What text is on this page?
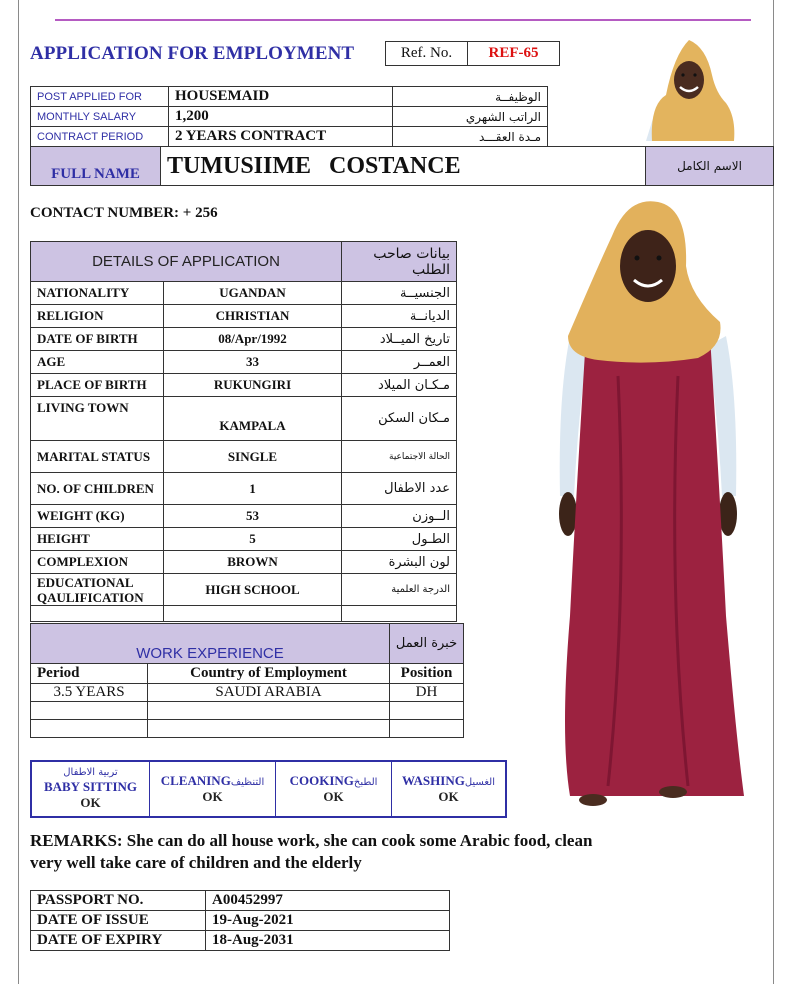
APPLICATION FOR EMPLOYMENT	Ref. No.	REF-65
POST APPLIED FOR	HOUSEMAID	الوظيفــة
MONTHLY SALARY	1,200	الراتب الشهري
CONTRACT PERIOD	2 YEARS CONTRACT	مـدة العقـــد
FULL NAME	TUMUSIIME   COSTANCE	الاسم الكامل
CONTACT NUMBER: + 256
DETAILS OF APPLICATION		بيانات صاحب الطلب
NATIONALITY	UGANDAN	الجنسيــة
RELIGION	CHRISTIAN	الديانــة
DATE OF BIRTH	08/Apr/1992	تاريخ الميــلاد
AGE	33	العمــر
PLACE OF BIRTH	RUKUNGIRI	مـكـان الميلاد
LIVING TOWN	KAMPALA	مـكان السكن
MARITAL STATUS	SINGLE	الحالة الاجتماعية
NO. OF CHILDREN	1	عدد الاطفال
WEIGHT (KG)	53	الــوزن
HEIGHT	5	الطـول
COMPLEXION	BROWN	لون البشرة
EDUCATIONAL QAULIFICATION	HIGH SCHOOL	الدرجة العلمية

WORK EXPERIENCE		خبرة العمل
Period	Country of Employment	Position
3.5 YEARS	SAUDI ARABIA	DH

تربية الاطفال
BABY SITTING
OK
CLEANINGالتنظيف
OK
COOKINGالطبخ
OK
WASHINGالغسيل
OK
REMARKS: She can do all house work, she can cook some Arabic food, clean very well take care of children and the elderly
PASSPORT NO.	A00452997
DATE OF ISSUE	19-Aug-2021
DATE OF EXPIRY	18-Aug-2031
